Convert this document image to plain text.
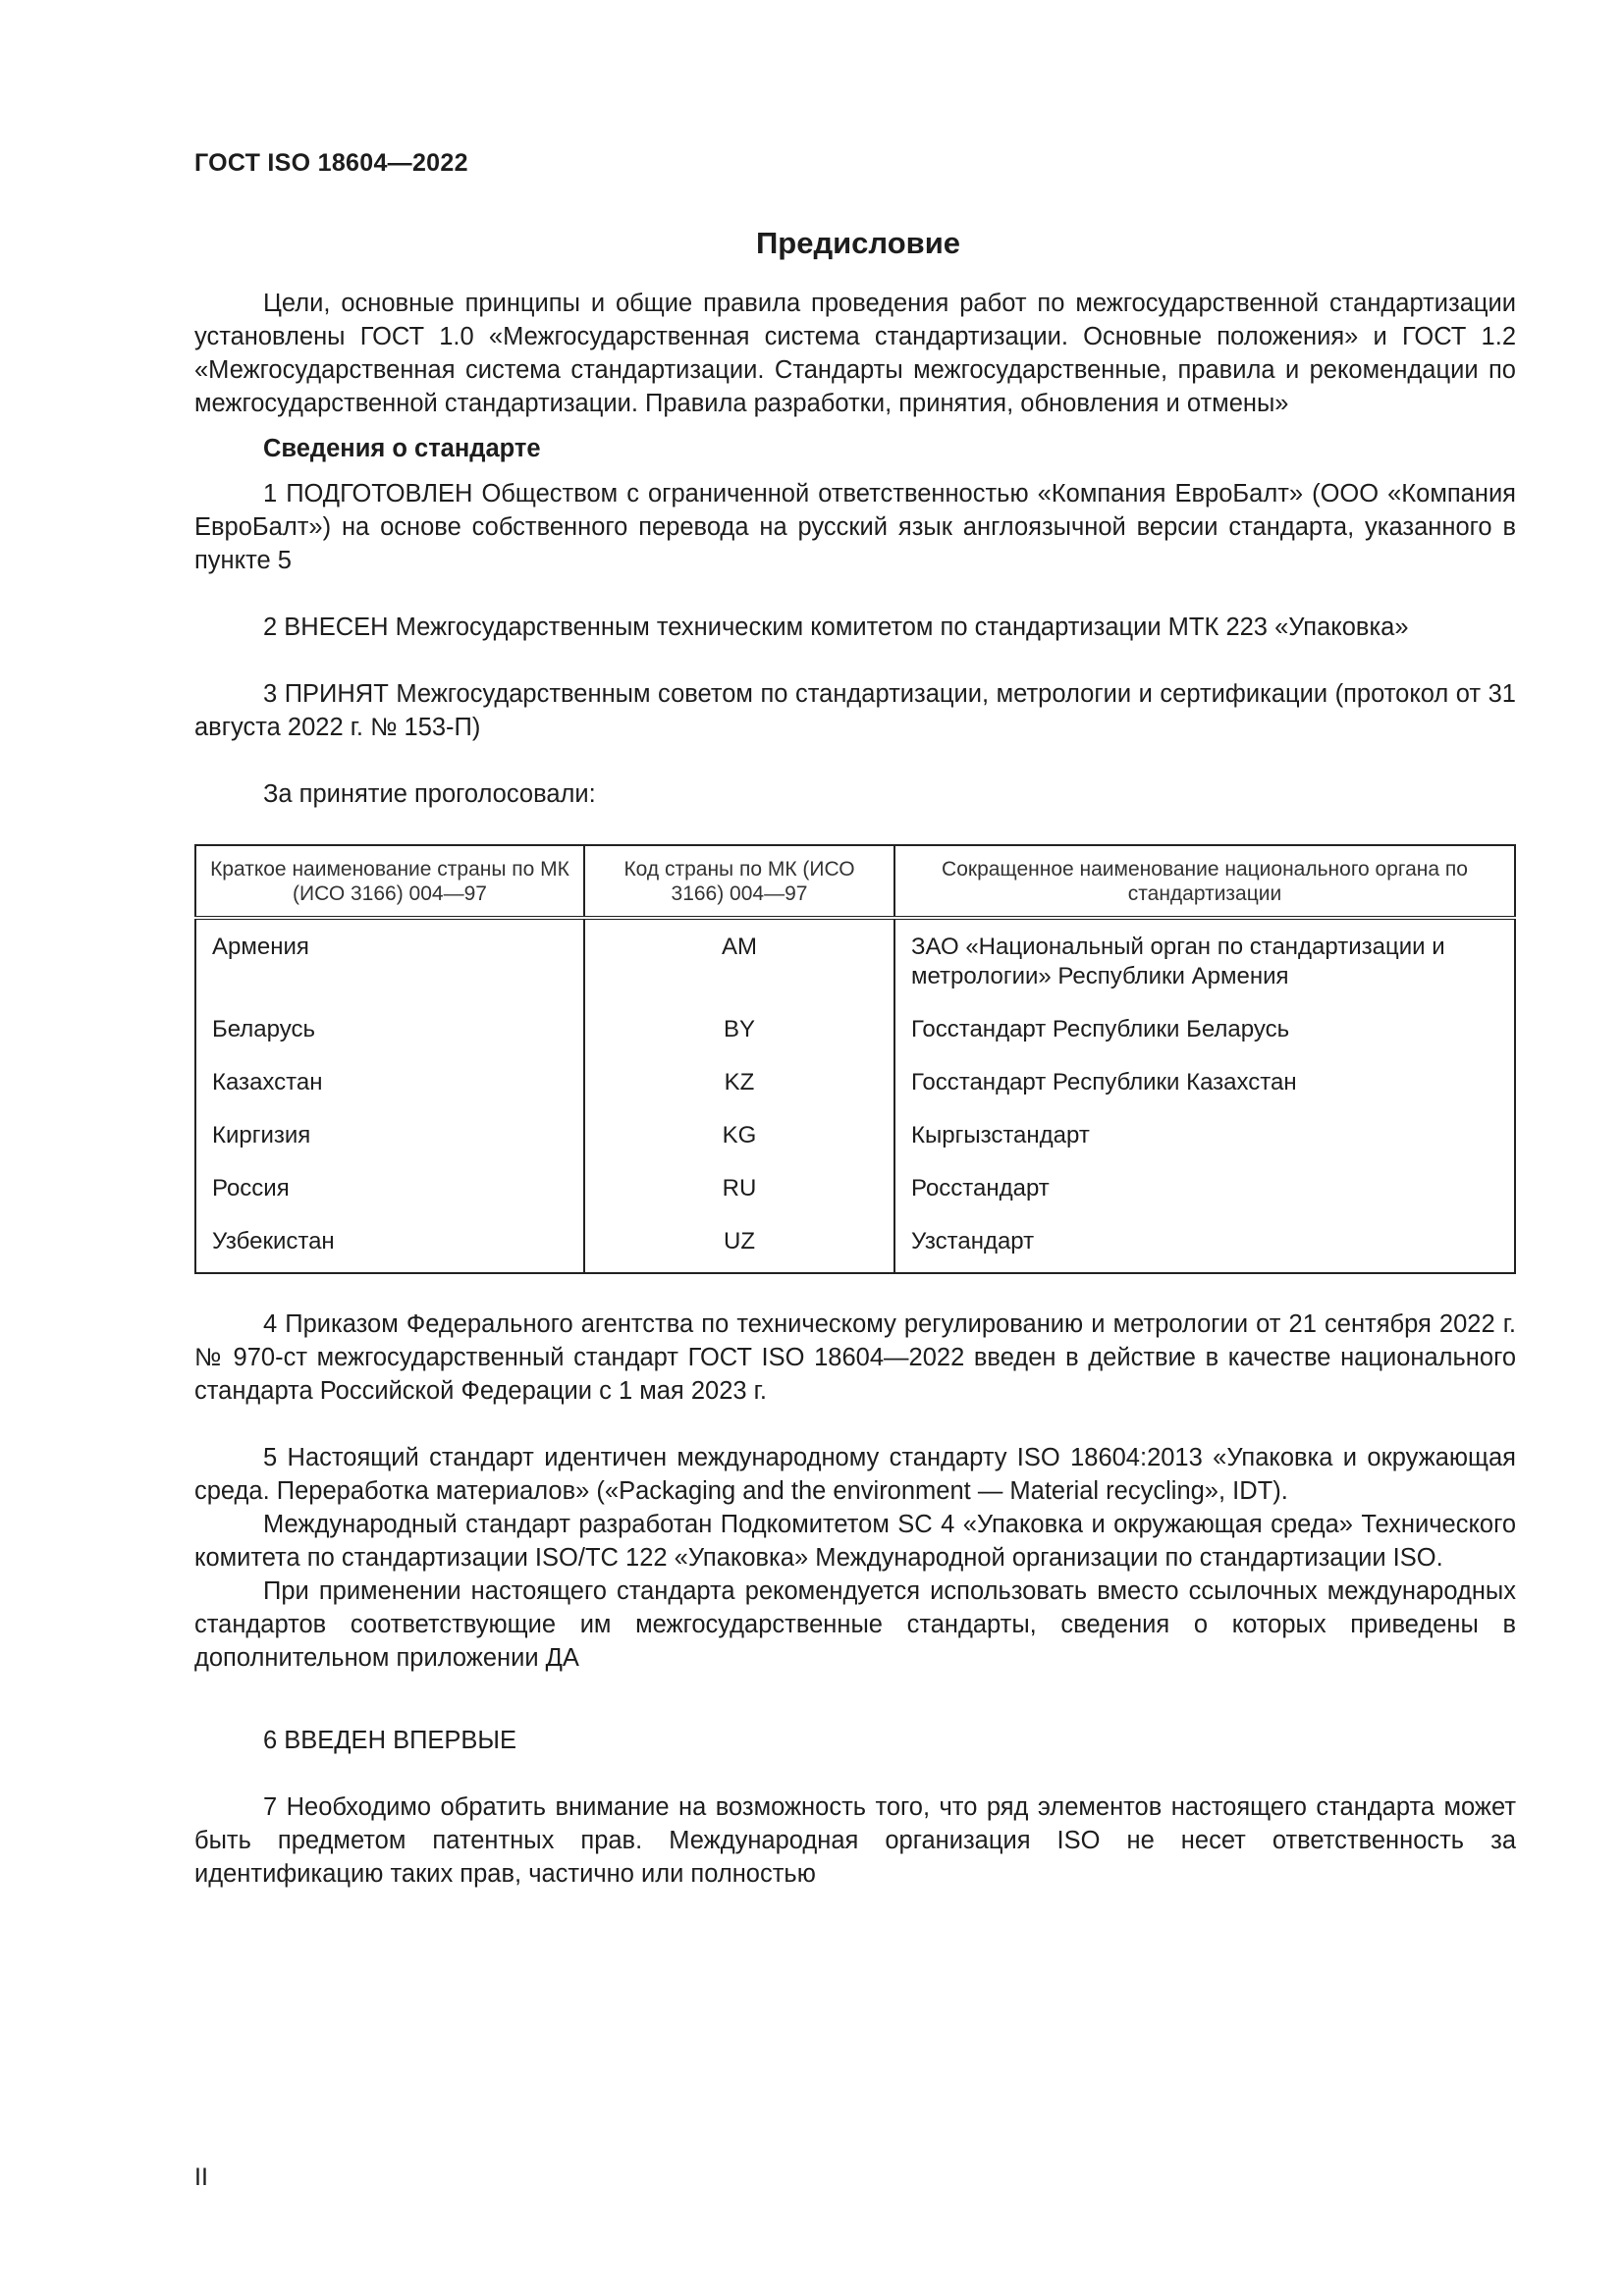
ГОСТ ISO 18604—2022
Предисловие

Цели, основные принципы и общие правила проведения работ по межгосударственной стандартизации установлены ГОСТ 1.0 «Межгосударственная система стандартизации. Основные положения» и ГОСТ 1.2 «Межгосударственная система стандартизации. Стандарты межгосударственные, правила и рекомендации по межгосударственной стандартизации. Правила разработки, принятия, обновления и отмены»

Сведения о стандарте

1 ПОДГОТОВЛЕН Обществом с ограниченной ответственностью «Компания ЕвроБалт» (ООО «Компания ЕвроБалт») на основе собственного перевода на русский язык англоязычной версии стандарта, указанного в пункте 5

2 ВНЕСЕН Межгосударственным техническим комитетом по стандартизации МТК 223 «Упаковка»

3 ПРИНЯТ Межгосударственным советом по стандартизации, метрологии и сертификации (протокол от 31 августа 2022 г. № 153-П)

За принятие проголосовали:

Краткое наименование страны по МК (ИСО 3166) 004—97	Код страны по МК (ИСО 3166) 004—97	Сокращенное наименование национального органа по стандартизации
Армения	AM	ЗАО «Национальный орган по стандартизации и метрологии» Республики Армения
Беларусь	BY	Госстандарт Республики Беларусь
Казахстан	KZ	Госстандарт Республики Казахстан
Киргизия	KG	Кыргызстандарт
Россия	RU	Росстандарт
Узбекистан	UZ	Узстандарт

4 Приказом Федерального агентства по техническому регулированию и метрологии от 21 сентября 2022 г. № 970-ст межгосударственный стандарт ГОСТ ISO 18604—2022 введен в действие в качестве национального стандарта Российской Федерации с 1 мая 2023 г.

5 Настоящий стандарт идентичен международному стандарту ISO 18604:2013 «Упаковка и окружающая среда. Переработка материалов» («Packaging and the environment — Material recycling», IDT).

Международный стандарт разработан Подкомитетом SC 4 «Упаковка и окружающая среда» Технического комитета по стандартизации ISO/TC 122 «Упаковка» Международной организации по стандартизации ISO.

При применении настоящего стандарта рекомендуется использовать вместо ссылочных международных стандартов соответствующие им межгосударственные стандарты, сведения о которых приведены в дополнительном приложении ДА

6 ВВЕДЕН ВПЕРВЫЕ

7 Необходимо обратить внимание на возможность того, что ряд элементов настоящего стандарта может быть предметом патентных прав. Международная организация ISO не несет ответственность за идентификацию таких прав, частично или полностью

II
